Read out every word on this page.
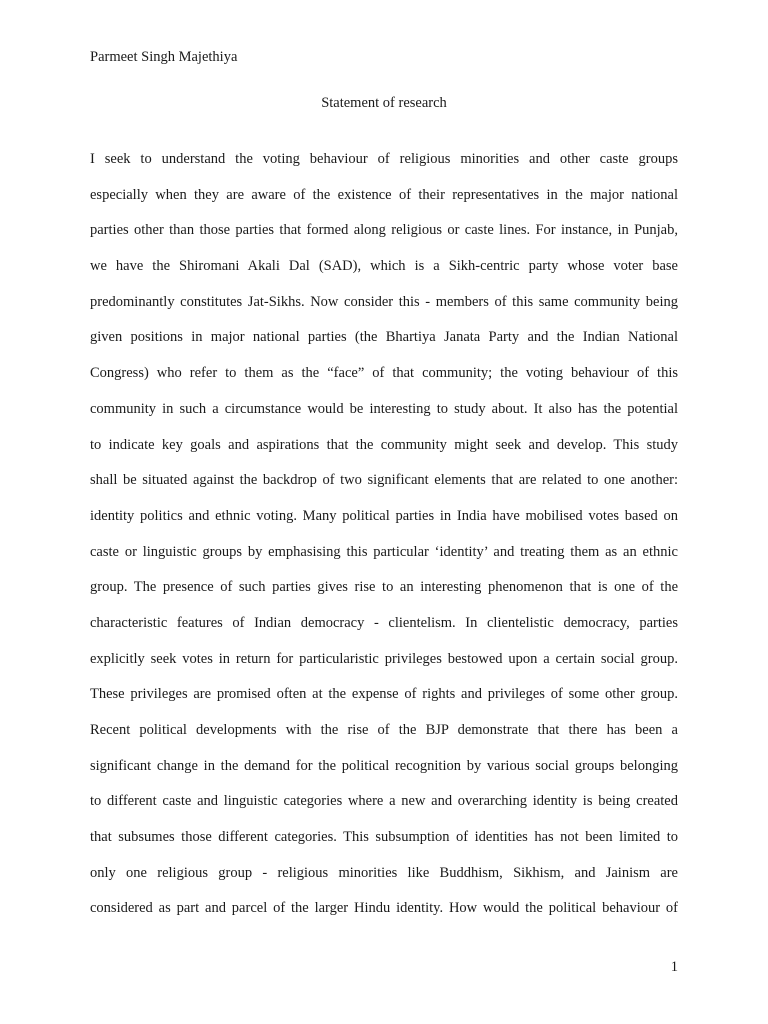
Parmeet Singh Majethiya
Statement of research
I seek to understand the voting behaviour of religious minorities and other caste groups
especially when they are aware of the existence of their representatives in the major national
parties other than those parties that formed along religious or caste lines. For instance, in Punjab,
we have the Shiromani Akali Dal (SAD), which is a Sikh-centric party whose voter base
predominantly constitutes Jat-Sikhs. Now consider this - members of this same community being
given positions in major national parties (the Bhartiya Janata Party and the Indian National
Congress) who refer to them as the “face” of that community; the voting behaviour of this
community in such a circumstance would be interesting to study about. It also has the potential
to indicate key goals and aspirations that the community might seek and develop. This study
shall be situated against the backdrop of two significant elements that are related to one another:
identity politics and ethnic voting. Many political parties in India have mobilised votes based on
caste or linguistic groups by emphasising this particular ‘identity’ and treating them as an ethnic
group. The presence of such parties gives rise to an interesting phenomenon that is one of the
characteristic features of Indian democracy - clientelism. In clientelistic democracy, parties
explicitly seek votes in return for particularistic privileges bestowed upon a certain social group.
These privileges are promised often at the expense of rights and privileges of some other group.
Recent political developments with the rise of the BJP demonstrate that there has been a
significant change in the demand for the political recognition by various social groups belonging
to different caste and linguistic categories where a new and overarching identity is being created
that subsumes those different categories. This subsumption of identities has not been limited to
only one religious group - religious minorities like Buddhism, Sikhism, and Jainism are
considered as part and parcel of the larger Hindu identity. How would the political behaviour of
1
